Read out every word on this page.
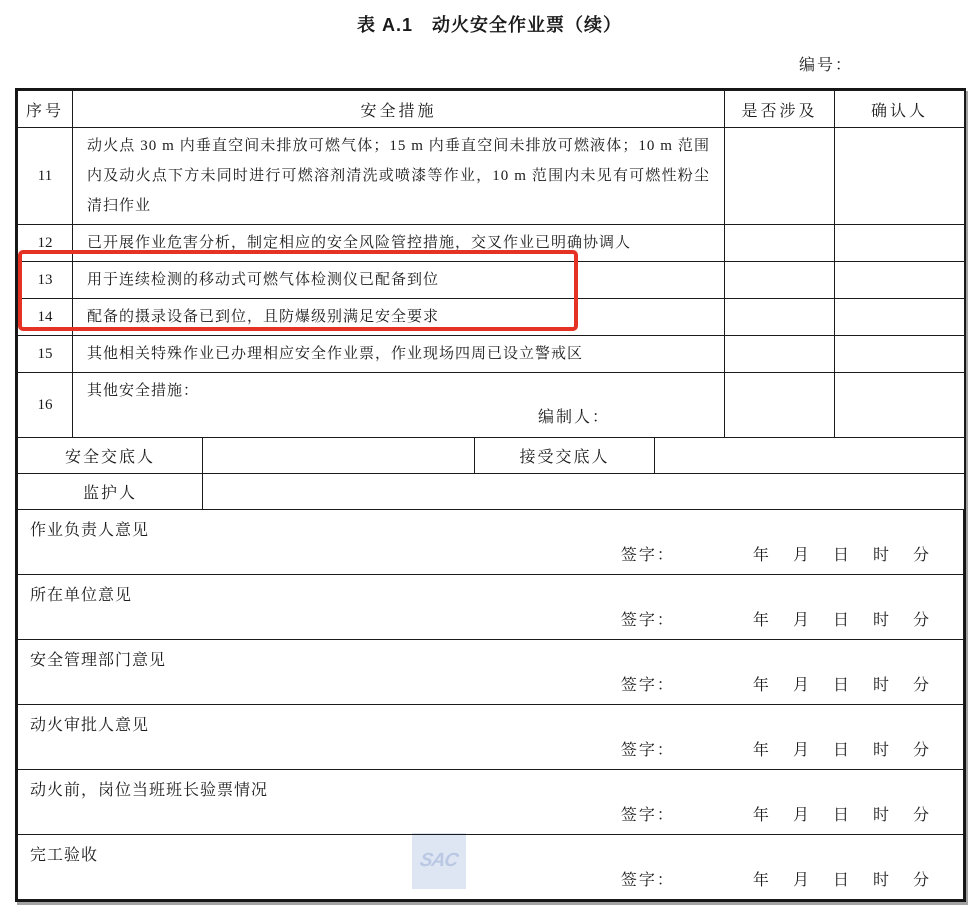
表 A.1　动火安全作业票（续）
编号：
SAC
序号	安全措施	是否涉及	确认人
11	动火点 30 m 内垂直空间未排放可燃气体；15 m 内垂直空间未排放可燃液体；10 m 范围内及动火点下方未同时进行可燃溶剂清洗或喷漆等作业，10 m 范围内未见有可燃性粉尘清扫作业		

12	已开展作业危害分析，制定相应的安全风险管控措施，交叉作业已明确协调人		

13	用于连续检测的移动式可燃气体检测仪已配备到位		

14	配备的摄录设备已到位，且防爆级别满足安全要求		

15	其他相关特殊作业已办理相应安全作业票，作业现场四周已设立警戒区		

16	其他安全措施：
编制人：		

安全交底人		接受交底人	
监护人			
作业负责人意见
签字：	年 月 日 时 分

所在单位意见
签字：	年 月 日 时 分

安全管理部门意见
签字：	年 月 日 时 分

动火审批人意见
签字：	年 月 日 时 分

动火前，岗位当班班长验票情况
签字：	年 月 日 时 分

完工验收
签字：	年 月 日 时 分
